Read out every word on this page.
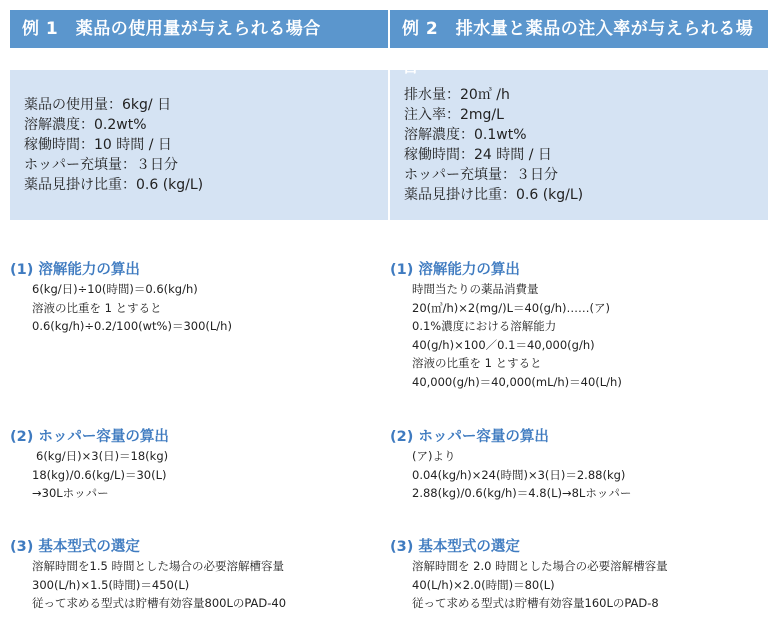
例 1　薬品の使用量が与えられる場合
薬品の使用量：6kg/ 日
溶解濃度：0.2wt%
稼働時間：10 時間 / 日
ホッパー充填量：３日分
薬品見掛け比重：0.6 (kg/L)
(1) 溶解能力の算出
6(kg/日)÷10(時間)＝0.6(kg/h)
溶液の比重を 1 とすると
0.6(kg/h)÷0.2/100(wt%)＝300(L/h)
(2) ホッパー容量の算出
6(kg/日)×3(日)＝18(kg)
18(kg)/0.6(kg/L)＝30(L)
→30Lホッパー
(3) 基本型式の選定
溶解時間を1.5 時間とした場合の必要溶解槽容量
300(L/h)×1.5(時間)＝450(L)
従って求める型式は貯槽有効容量800LのPAD-40
例 2　排水量と薬品の注入率が与えられる場合
排水量：20㎥ /h
注入率：2mg/L
溶解濃度：0.1wt%
稼働時間：24 時間 / 日
ホッパー充填量：３日分
薬品見掛け比重：0.6 (kg/L)
(1) 溶解能力の算出
時間当たりの薬品消費量
20(㎥/h)×2(mg/)L＝40(g/h)……(ア)
0.1%濃度における溶解能力
40(g/h)×100／0.1＝40,000(g/h)
溶液の比重を 1 とすると
40,000(g/h)＝40,000(mL/h)＝40(L/h)
(2) ホッパー容量の算出
(ア)より
0.04(kg/h)×24(時間)×3(日)＝2.88(kg)
2.88(kg)/0.6(kg/h)＝4.8(L)→8Lホッパー
(3) 基本型式の選定
溶解時間を 2.0 時間とした場合の必要溶解槽容量
40(L/h)×2.0(時間)＝80(L)
従って求める型式は貯槽有効容量160LのPAD-8
